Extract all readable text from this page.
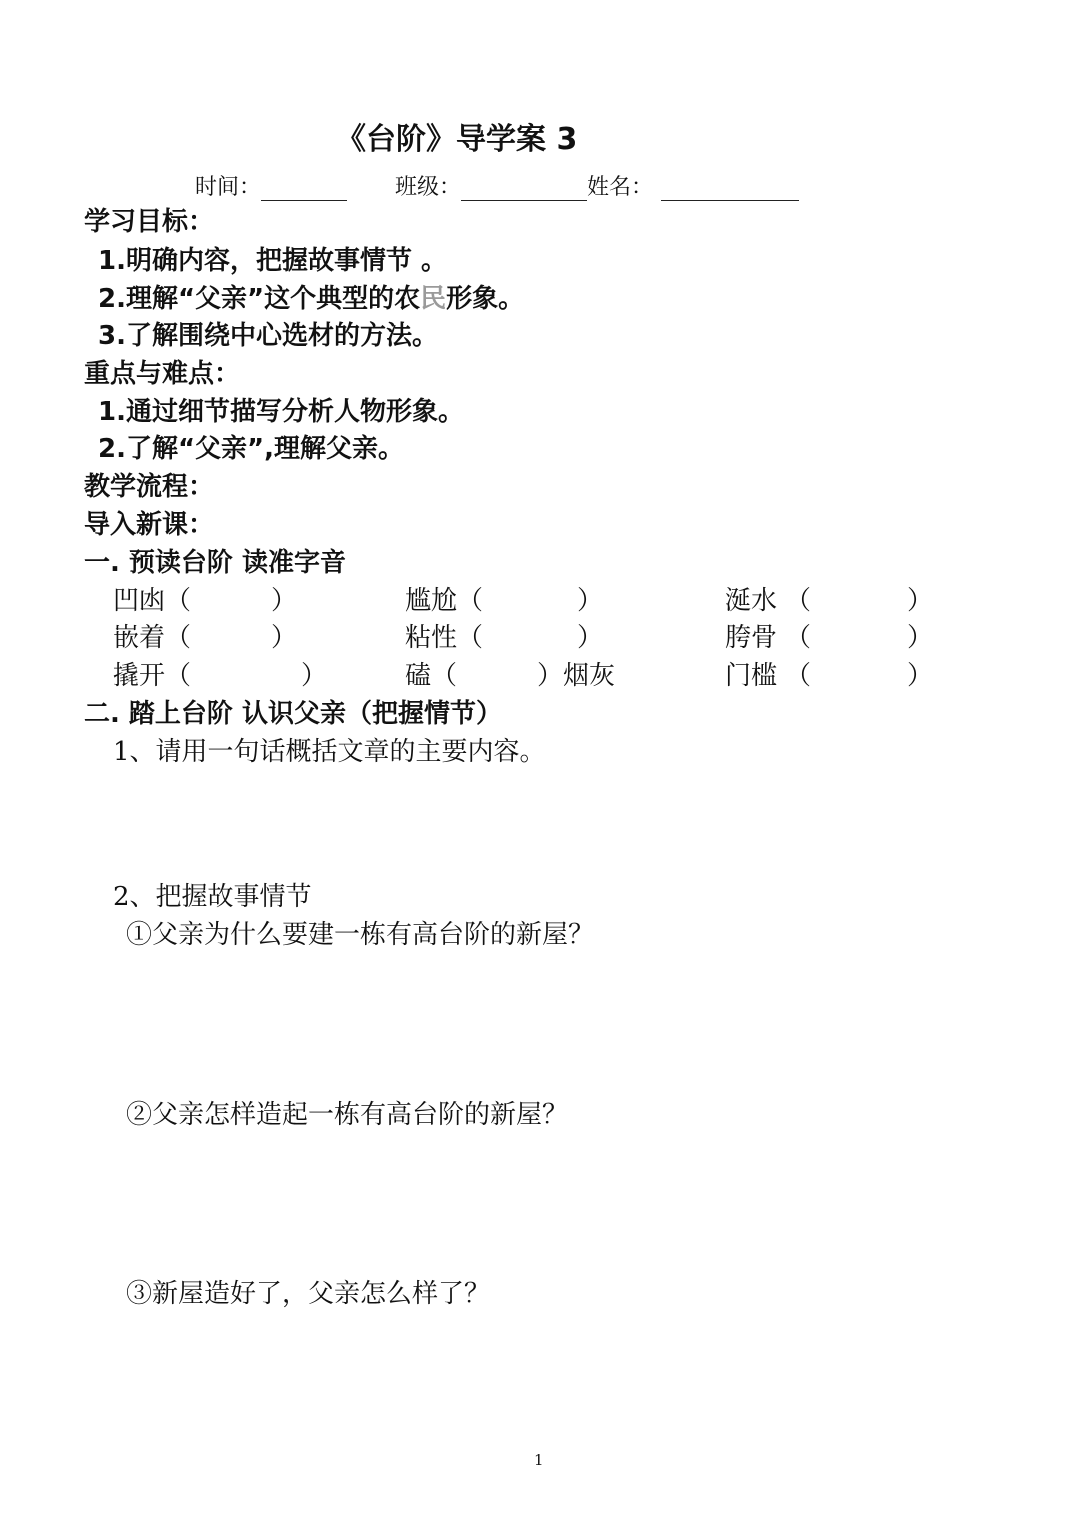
《台阶》导学案 3
时间：	班级：	姓名：
学习目标：
1.明确内容，把握故事情节 。
2.理解“父亲”这个典型的农民形象。
3.了解围绕中心选材的方法。
重点与难点：
1.通过细节描写分析人物形象。
2.了解“父亲”,理解父亲。
教学流程：
导入新课：
一. 预读台阶 读准字音
凹凼（	）	尴尬（	）	涎水 （	）
嵌着（	）	粘性（	）	胯骨 （	）
撬开（	）	磕（	）烟灰	门槛 （	）
二. 踏上台阶 认识父亲（把握情节）
1、请用一句话概括文章的主要内容。
2、把握故事情节
①父亲为什么要建一栋有高台阶的新屋？
②父亲怎样造起一栋有高台阶的新屋？
③新屋造好了，父亲怎么样了？
1
